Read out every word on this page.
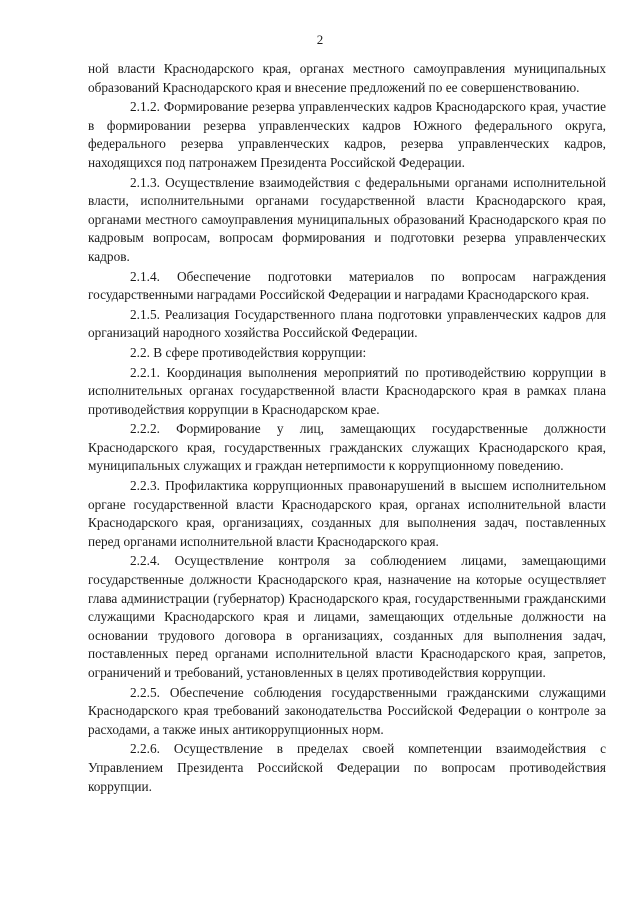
2

ной власти Краснодарского края, органах местного самоуправления муниципальных образований Краснодарского края и внесение предложений по ее совершенствованию.

2.1.2. Формирование резерва управленческих кадров Краснодарского края, участие в формировании резерва управленческих кадров Южного федерального округа, федерального резерва управленческих кадров, резерва управленческих кадров, находящихся под патронажем Президента Российской Федерации.

2.1.3. Осуществление взаимодействия с федеральными органами исполнительной власти, исполнительными органами государственной власти Краснодарского края, органами местного самоуправления муниципальных образований Краснодарского края по кадровым вопросам, вопросам формирования и подготовки резерва управленческих кадров.

2.1.4. Обеспечение подготовки материалов по вопросам награждения государственными наградами Российской Федерации и наградами Краснодарского края.

2.1.5. Реализация Государственного плана подготовки управленческих кадров для организаций народного хозяйства Российской Федерации.

2.2. В сфере противодействия коррупции:

2.2.1. Координация выполнения мероприятий по противодействию коррупции в исполнительных органах государственной власти Краснодарского края в рамках плана противодействия коррупции в Краснодарском крае.

2.2.2. Формирование у лиц, замещающих государственные должности Краснодарского края, государственных гражданских служащих Краснодарского края, муниципальных служащих и граждан нетерпимости к коррупционному поведению.

2.2.3. Профилактика коррупционных правонарушений в высшем исполнительном органе государственной власти Краснодарского края, органах исполнительной власти Краснодарского края, организациях, созданных для выполнения задач, поставленных перед органами исполнительной власти Краснодарского края.

2.2.4. Осуществление контроля за соблюдением лицами, замещающими государственные должности Краснодарского края, назначение на которые осуществляет глава администрации (губернатор) Краснодарского края, государственными гражданскими служащими Краснодарского края и лицами, замещающих отдельные должности на основании трудового договора в организациях, созданных для выполнения задач, поставленных перед органами исполнительной власти Краснодарского края, запретов, ограничений и требований, установленных в целях противодействия коррупции.

2.2.5. Обеспечение соблюдения государственными гражданскими служащими Краснодарского края требований законодательства Российской Федерации о контроле за расходами, а также иных антикоррупционных норм.

2.2.6. Осуществление в пределах своей компетенции взаимодействия с Управлением Президента Российской Федерации по вопросам противодействия коррупции.
